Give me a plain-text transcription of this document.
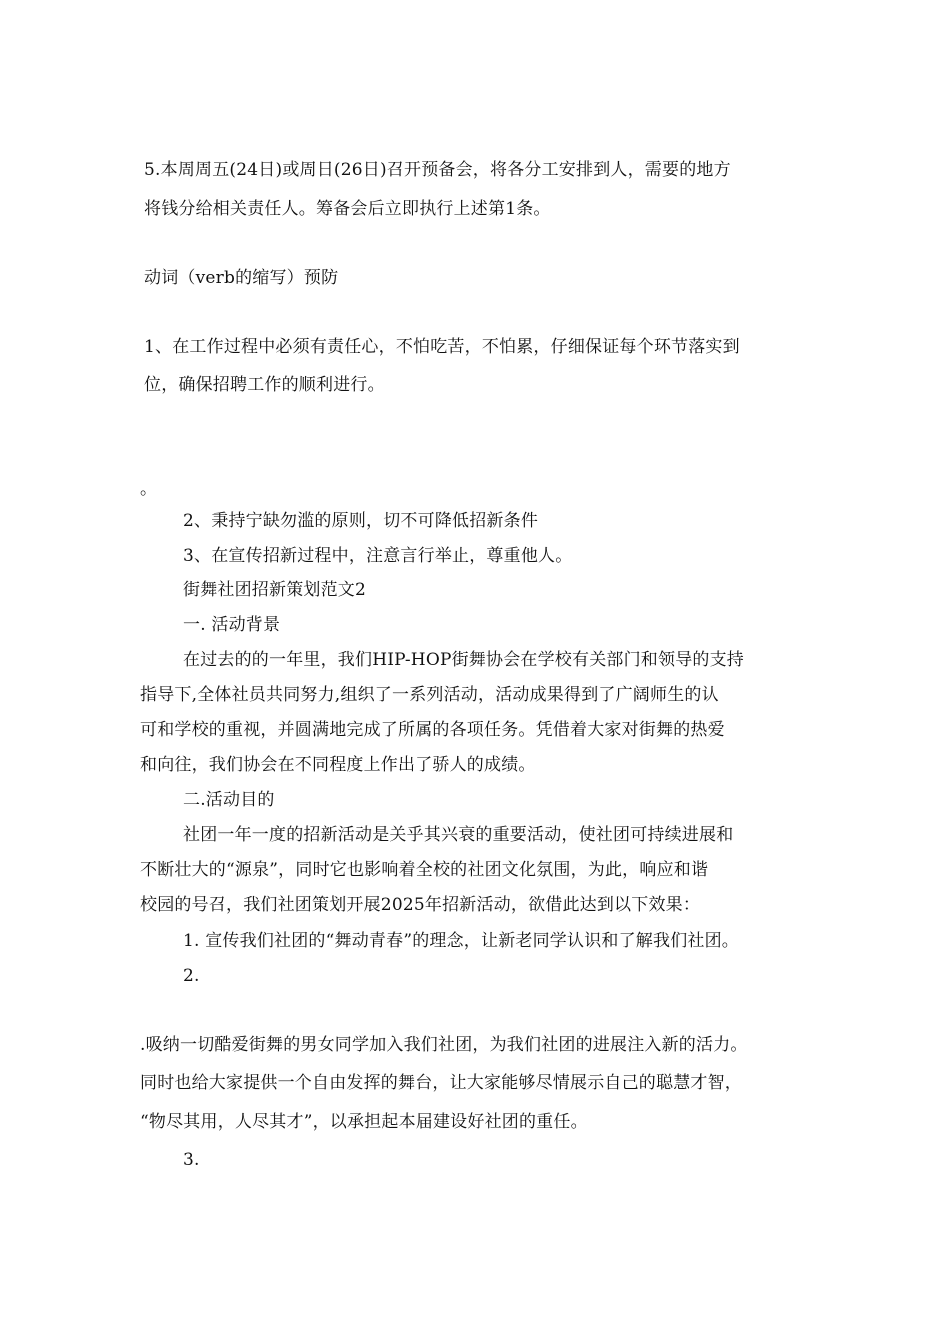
5.本周周五(24日)或周日(26日)召开预备会，将各分工安排到人，需要的地方
将钱分给相关责任人。筹备会后立即执行上述第1条。
动词（verb的缩写）预防
1、在工作过程中必须有责任心，不怕吃苦，不怕累，仔细保证每个环节落实到
位，确保招聘工作的顺利进行。
。
2、秉持宁缺勿滥的原则，切不可降低招新条件
3、在宣传招新过程中，注意言行举止，尊重他人。
街舞社团招新策划范文2
一. 活动背景
在过去的的一年里，我们HIP-HOP街舞协会在学校有关部门和领导的支持
指导下,全体社员共同努力,组织了一系列活动，活动成果得到了广阔师生的认
可和学校的重视，并圆满地完成了所属的各项任务。凭借着大家对街舞的热爱
和向往，我们协会在不同程度上作出了骄人的成绩。
二.活动目的
社团一年一度的招新活动是关乎其兴衰的重要活动，使社团可持续进展和
不断壮大的“源泉”，同时它也影响着全校的社团文化氛围，为此，响应和谐
校园的号召，我们社团策划开展2025年招新活动，欲借此达到以下效果：
1. 宣传我们社团的“舞动青春”的理念，让新老同学认识和了解我们社团。
2.
.吸纳一切酷爱街舞的男女同学加入我们社团，为我们社团的进展注入新的活力。
同时也给大家提供一个自由发挥的舞台，让大家能够尽情展示自己的聪慧才智，
“物尽其用，人尽其才”，以承担起本届建设好社团的重任。
3.
